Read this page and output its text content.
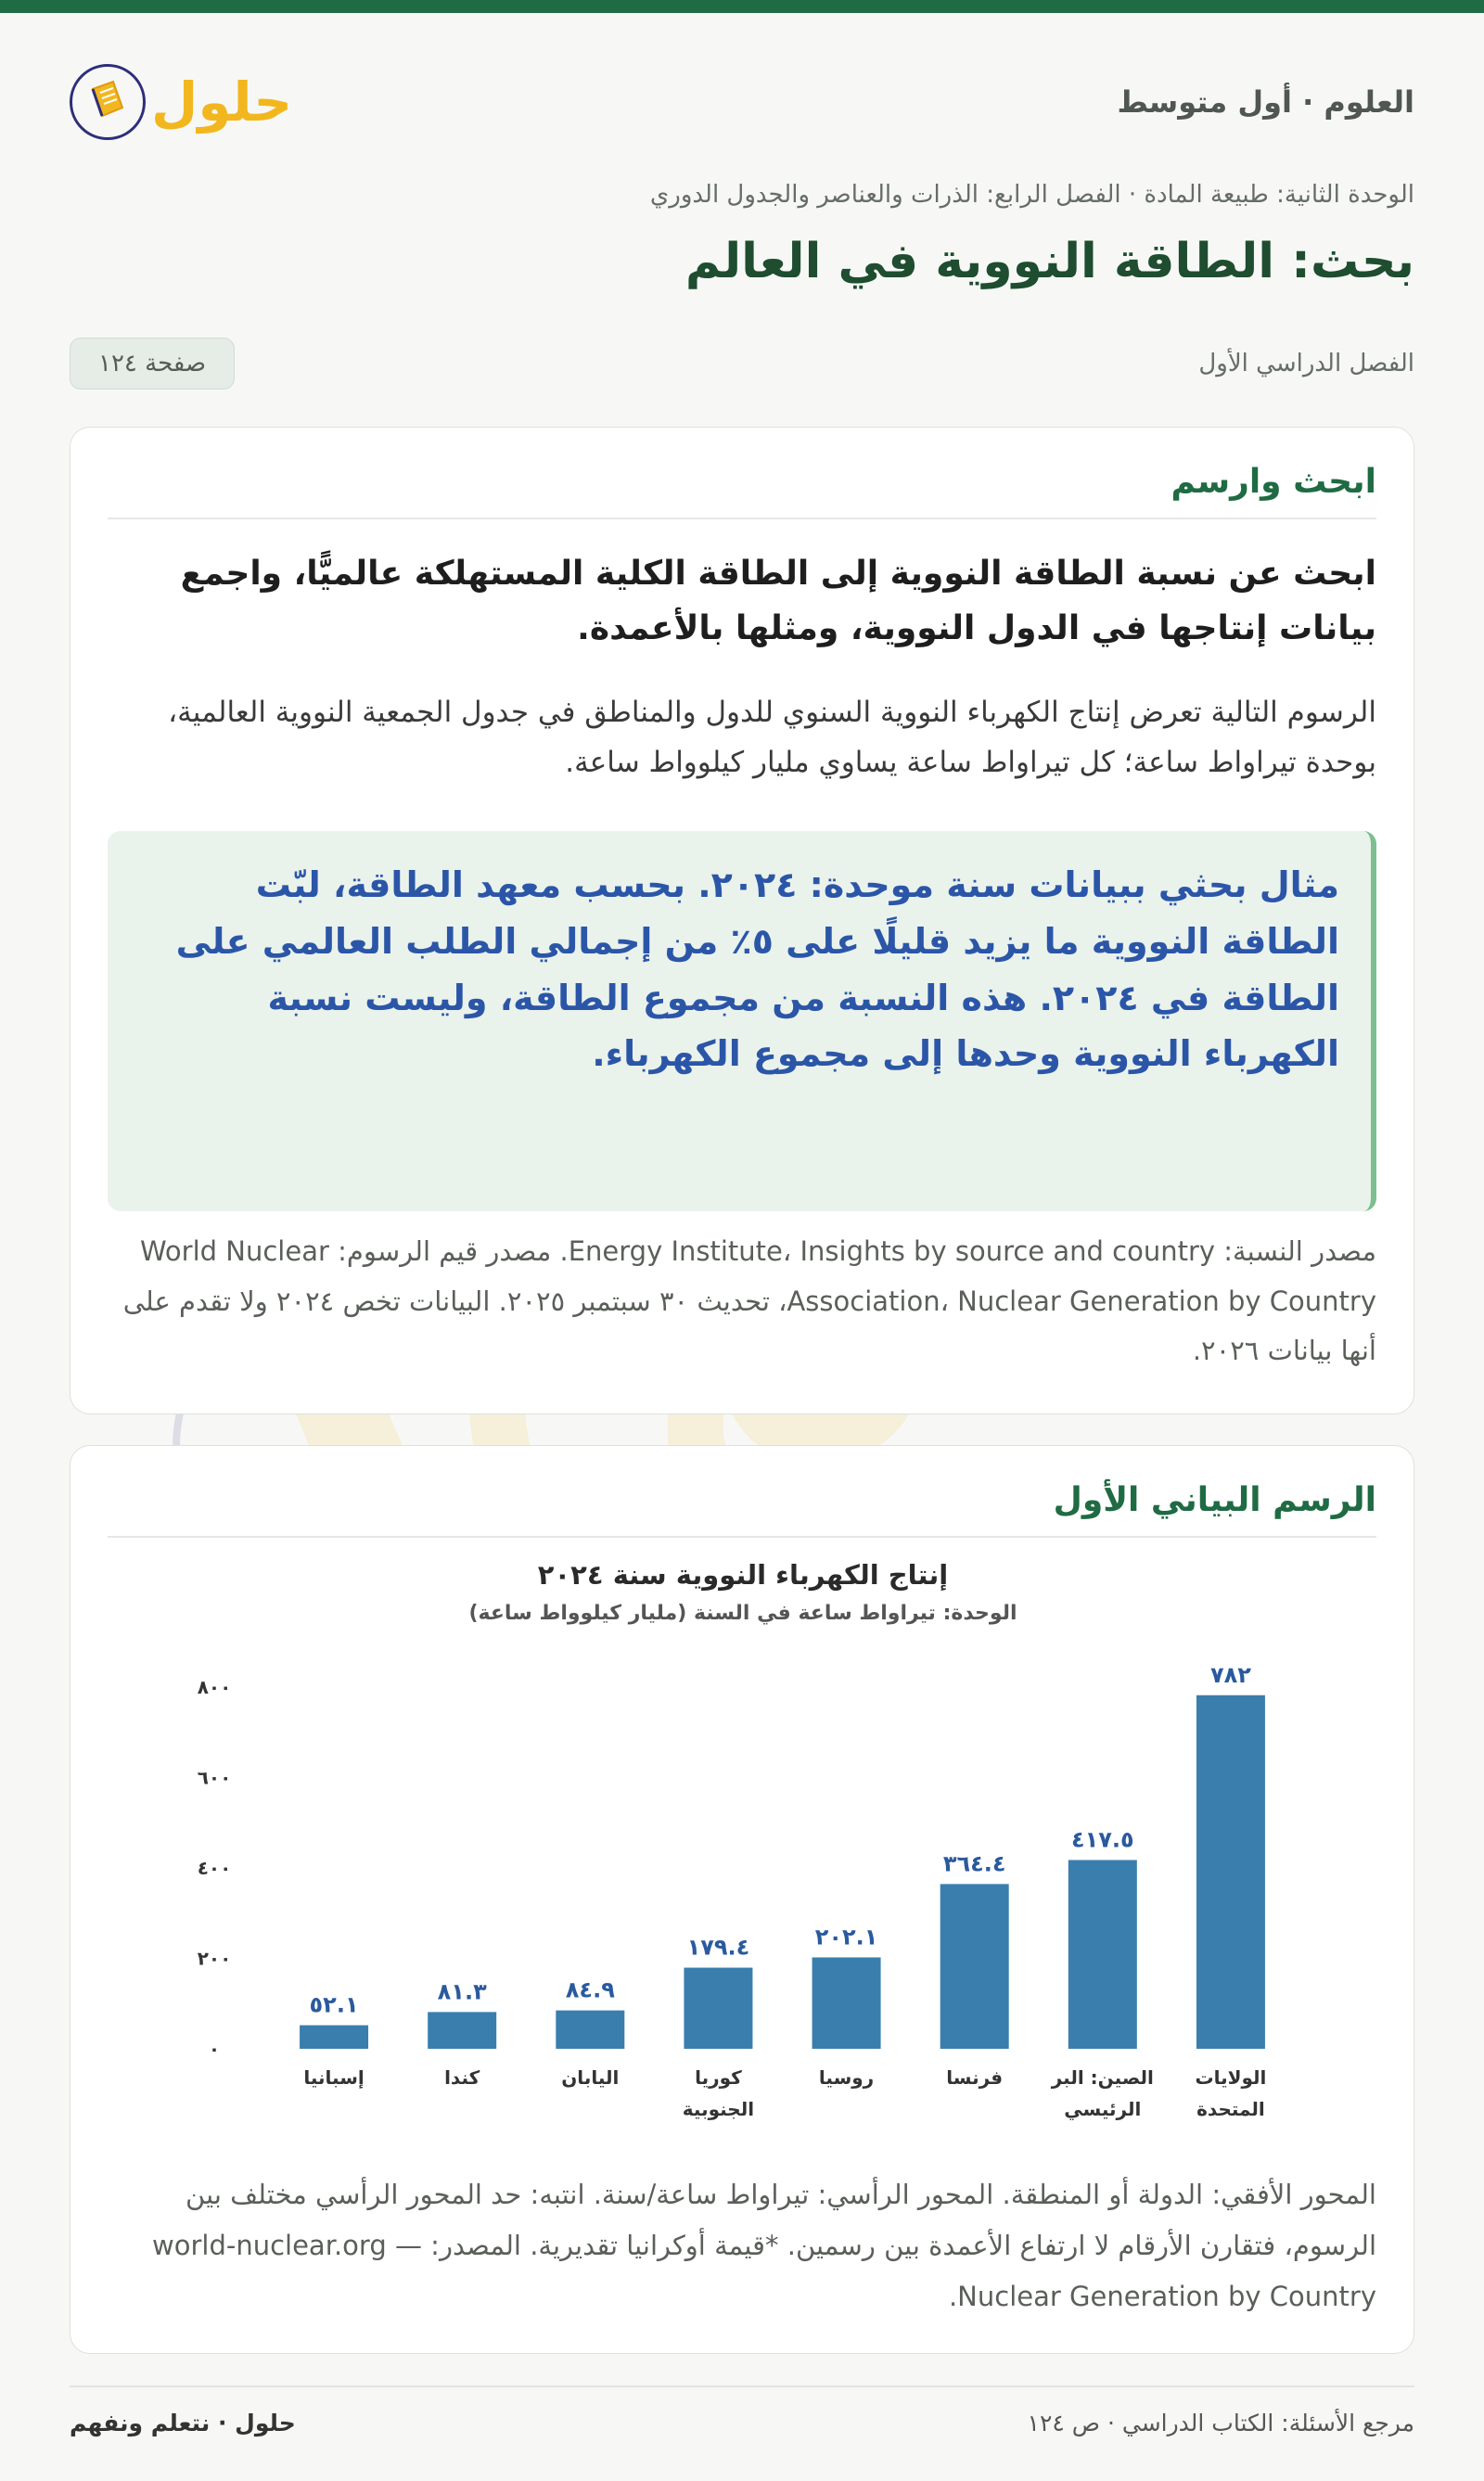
العلوم · أول متوسط
حلول
الوحدة الثانية: طبيعة المادة · الفصل الرابع: الذرات والعناصر والجدول الدوري
بحث: الطاقة النووية في العالم
الفصل الدراسي الأول
صفحة ١٢٤
ابحث وارسم
ابحث عن نسبة الطاقة النووية إلى الطاقة الكلية المستهلكة عالميًّا، واجمع بيانات إنتاجها في الدول النووية، ومثلها بالأعمدة.
الرسوم التالية تعرض إنتاج الكهرباء النووية السنوي للدول والمناطق في جدول الجمعية النووية العالمية، بوحدة تيراواط ساعة؛ كل تيراواط ساعة يساوي مليار كيلوواط ساعة.
مثال بحثي ببيانات سنة موحدة: ٢٠٢٤. بحسب معهد الطاقة، لبّت الطاقة النووية ما يزيد قليلًا على ٥٪ من إجمالي الطلب العالمي على الطاقة في ٢٠٢٤. هذه النسبة من مجموع الطاقة، وليست نسبة الكهرباء النووية وحدها إلى مجموع الكهرباء.
مصدر النسبة: Energy Institute، Insights by source and country. مصدر قيم الرسوم: World Nuclear Association، Nuclear Generation by Country، تحديث ٣٠ سبتمبر ٢٠٢٥. البيانات تخص ٢٠٢٤ ولا تقدم على أنها بيانات ٢٠٢٦.
الرسم البياني الأول
إنتاج الكهرباء النووية سنة ٢٠٢٤
الوحدة: تيراواط ساعة في السنة (مليار كيلوواط ساعة)
٠
٢٠٠
٤٠٠
٦٠٠
٨٠٠
٥٢.١
إسبانيا
٨١.٣
كندا
٨٤.٩
اليابان
١٧٩.٤
كوريا
الجنوبية
٢٠٢.١
روسيا
٣٦٤.٤
فرنسا
٤١٧.٥
الصين: البر
الرئيسي
٧٨٢
الولايات
المتحدة
المحور الأفقي: الدولة أو المنطقة. المحور الرأسي: تيراواط ساعة/سنة. انتبه: حد المحور الرأسي مختلف بين الرسوم، فتقارن الأرقام لا ارتفاع الأعمدة بين رسمين. *قيمة أوكرانيا تقديرية. المصدر: world-nuclear.org — Nuclear Generation by Country.
مرجع الأسئلة: الكتاب الدراسي · ص ١٢٤
حلول · نتعلم ونفهم
